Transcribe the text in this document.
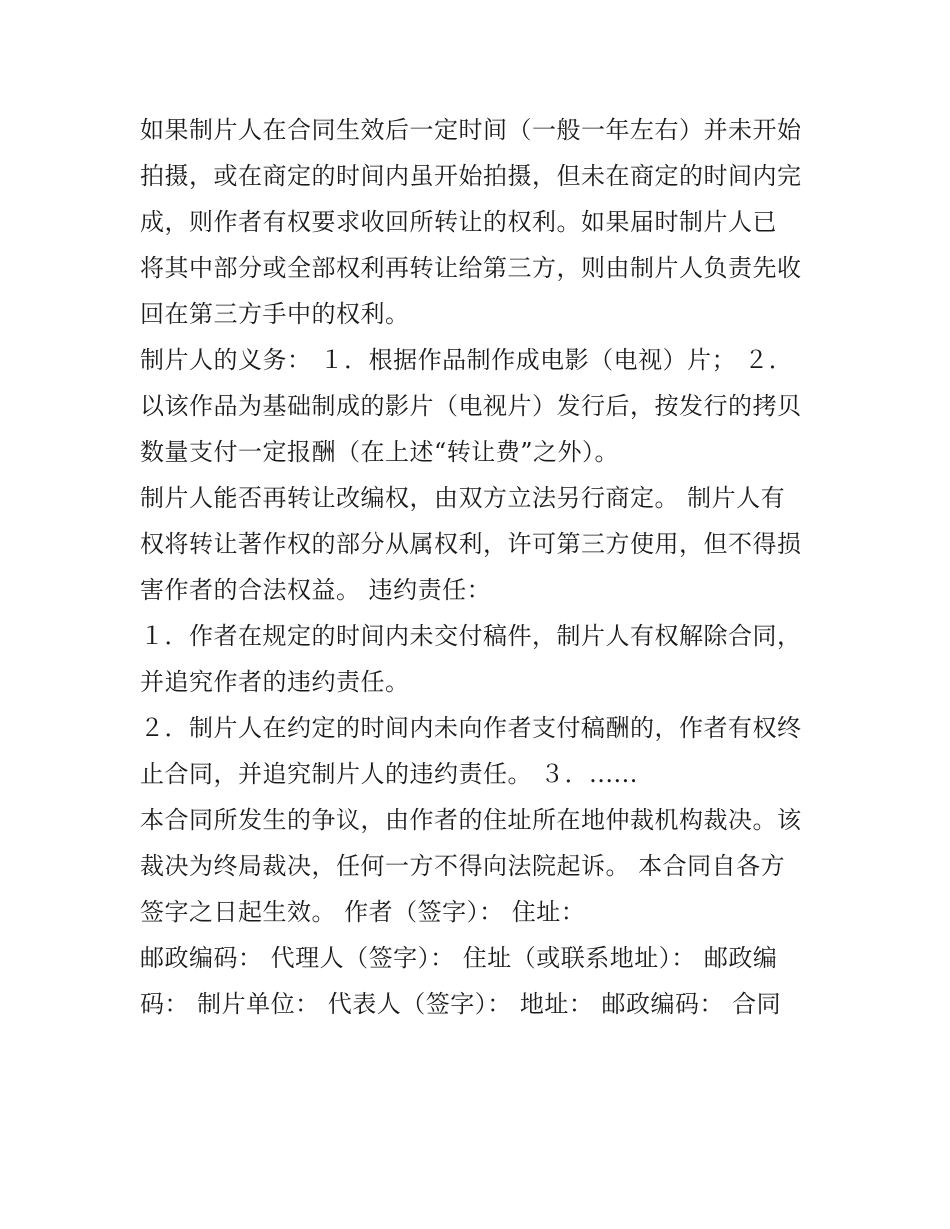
如果制片人在合同生效后一定时间（一般一年左右）并未开始
拍摄，或在商定的时间内虽开始拍摄，但未在商定的时间内完
成，则作者有权要求收回所转让的权利。如果届时制片人已
将其中部分或全部权利再转让给第三方，则由制片人负责先收
回在第三方手中的权利。
制片人的义务： １．根据作品制作成电影（电视）片； ２．
以该作品为基础制成的影片（电视片）发行后，按发行的拷贝
数量支付一定报酬（在上述“转让费”之外）。
制片人能否再转让改编权，由双方立法另行商定。 制片人有
权将转让著作权的部分从属权利，许可第三方使用，但不得损
害作者的合法权益。 违约责任：
１．作者在规定的时间内未交付稿件，制片人有权解除合同，
并追究作者的违约责任。
２．制片人在约定的时间内未向作者支付稿酬的，作者有权终
止合同，并追究制片人的违约责任。 ３．......
本合同所发生的争议，由作者的住址所在地仲裁机构裁决。该
裁决为终局裁决，任何一方不得向法院起诉。 本合同自各方
签字之日起生效。 作者（签字）： 住址：
邮政编码： 代理人（签字）： 住址（或联系地址）： 邮政编
码： 制片单位： 代表人（签字）： 地址： 邮政编码： 合同
